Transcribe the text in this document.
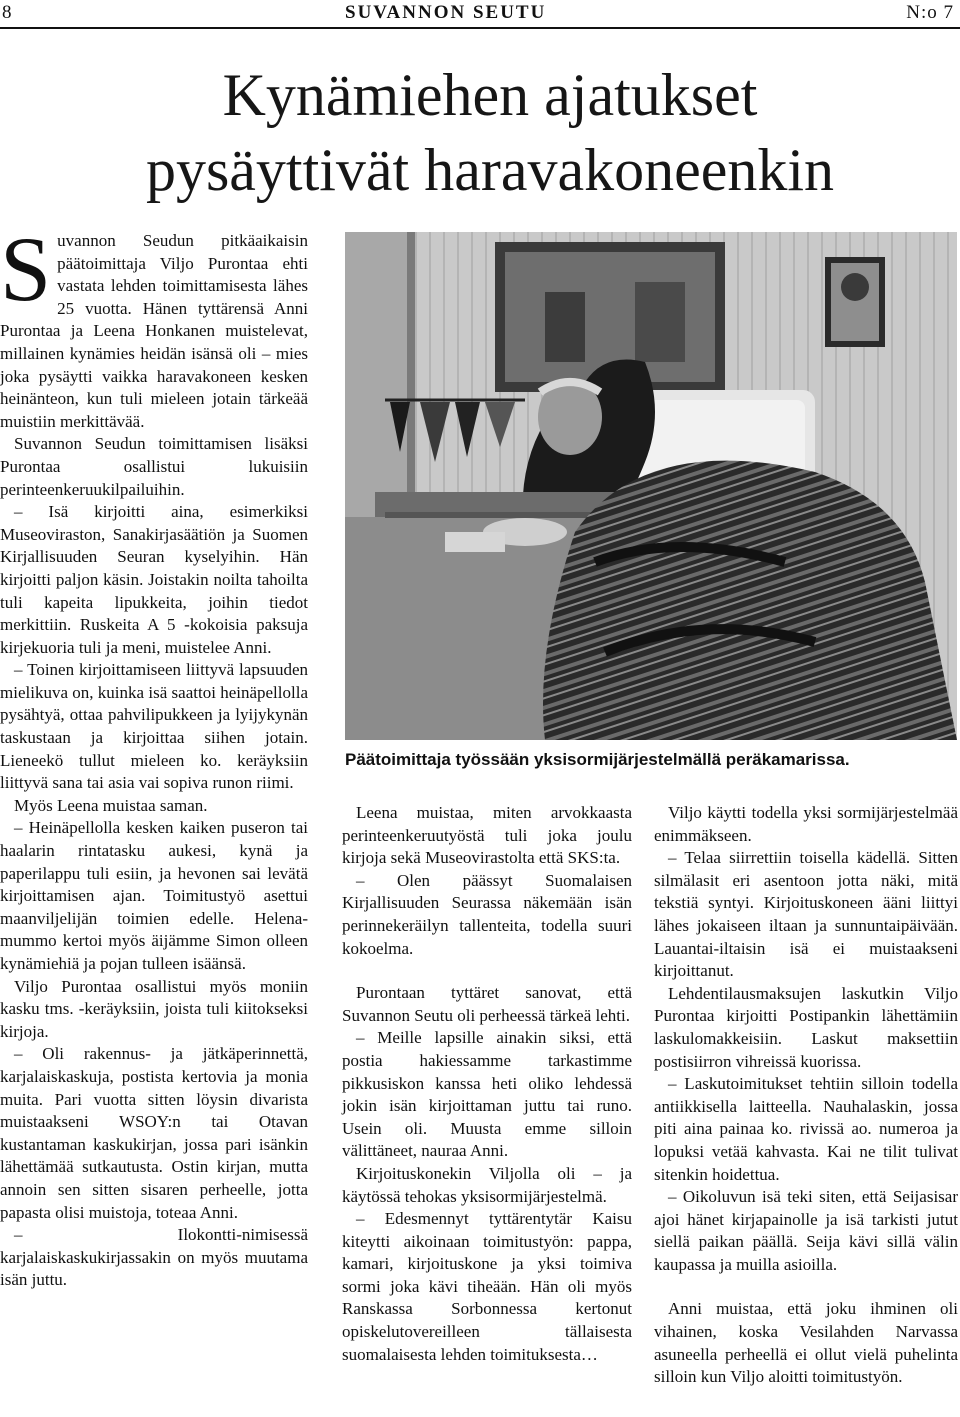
8	SUVANNON SEUTU	N:o 7
Kynämiehen ajatukset
pysäyttivät haravakoneenkin

Suvannon Seudun pitkäaikaisin päätoimittaja Viljo Purontaa ehti vastata lehden toimittamisesta lähes 25 vuotta. Hänen tyttärensä Anni Purontaa ja Leena Honkanen muistelevat, millainen kynämies heidän isänsä oli – mies joka pysäytti vaikka haravakoneen kesken heinänteon, kun tuli mieleen jotain tärkeää muistiin merkittävää.

Suvannon Seudun toimittamisen lisäksi Purontaa osallistui lukuisiin perinteenkeruukilpailuihin.

– Isä kirjoitti aina, esimerkiksi Museoviraston, Sanakirjasäätiön ja Suomen Kirjallisuuden Seuran kyselyihin. Hän kirjoitti paljon käsin. Joistakin noilta tahoilta tuli kapeita lipukkeita, joihin tiedot merkittiin. Ruskeita A 5 -kokoisia paksuja kirjekuoria tuli ja meni, muistelee Anni.

– Toinen kirjoittamiseen liittyvä lapsuuden mielikuva on, kuinka isä saattoi heinäpellolla pysähtyä, ottaa pahvilipukkeen ja lyijykynän taskustaan ja kirjoittaa siihen jotain. Lieneekö tullut mieleen ko. keräyksiin liittyvä sana tai asia vai sopiva runon riimi.

Myös Leena muistaa saman.

– Heinäpellolla kesken kaiken puseron tai haalarin rintatasku aukesi, kynä ja paperilappu tuli esiin, ja hevonen sai levätä kirjoittamisen ajan. Toimitustyö asettui maanviljelijän toimien edelle. Helena-mummo kertoi myös äijämme Simon olleen kynämiehiä ja pojan tulleen isäänsä.

Viljo Purontaa osallistui myös moniin kasku tms. -keräyksiin, joista tuli kiitokseksi kirjoja.

– Oli rakennus- ja jätkäperinnettä, karjalaiskaskuja, postista kertovia ja monia muita. Pari vuotta sitten löysin divarista muistaakseni WSOY:n tai Otavan kustantaman kaskukirjan, jossa pari isänkin lähettämää sutkautusta. Ostin kirjan, mutta annoin sen sitten sisaren perheelle, jotta papasta olisi muistoja, toteaa Anni.

– Ilokontti-nimisessä karjalaiskaskukirjassakin on myös muutama isän juttu.

Päätoimittaja työssään yksisormijärjestelmällä peräkamarissa.

Leena muistaa, miten arvokkaasta perinteenkeruutyöstä tuli joka joulu kirjoja sekä Museovirastolta että SKS:ta.

– Olen päässyt Suomalaisen Kirjallisuuden Seurassa näkemään isän perinnekeräilyn tallenteita, todella suuri kokoelma.

Purontaan tyttäret sanovat, että Suvannon Seutu oli perheessä tärkeä lehti.

– Meille lapsille ainakin siksi, että postia hakiessamme tarkastimme pikkusiskon kanssa heti oliko lehdessä jokin isän kirjoittaman juttu tai runo. Usein oli. Muusta emme silloin välittäneet, nauraa Anni.

Kirjoituskonekin Viljolla oli – ja käytössä tehokas yksisormijärjestelmä.

– Edesmennyt tyttärentytär Kaisu kiteytti aikoinaan toimitustyön: pappa, kamari, kirjoituskone ja yksi toimiva sormi joka kävi tiheään. Hän oli myös Ranskassa Sorbonnessa kertonut opiskelutovereilleen tällaisesta suomalaisesta lehden toimituksesta…

Viljo käytti todella yksi sormijärjestelmää enimmäkseen.

– Telaa siirrettiin toisella kädellä. Sitten silmälasit eri asentoon jotta näki, mitä tekstiä syntyi. Kirjoituskoneen ääni liittyi lähes jokaiseen iltaan ja sunnuntaipäivään. Lauantai-iltaisin isä ei muistaakseni kirjoittanut.

Lehdentilausmaksujen laskutkin Viljo Purontaa kirjoitti Postipankin lähettämiin laskulomakkeisiin. Laskut maksettiin postisiirron vihreissä kuorissa.

– Laskutoimitukset tehtiin silloin todella antiikkisella laitteella. Nauhalaskin, jossa piti aina painaa ko. rivissä ao. numeroa ja lopuksi vetää kahvasta. Kai ne tilit tulivat sitenkin hoidettua.

– Oikoluvun isä teki siten, että Seijasisar ajoi hänet kirjapainolle ja isä tarkisti jutut siellä paikan päällä. Seija kävi sillä välin kaupassa ja muilla asioilla.

Anni muistaa, että joku ihminen oli vihainen, koska Vesilahden Narvassa asuneella perheellä ei ollut vielä puhelinta silloin kun Viljo aloitti toimitustyön.
